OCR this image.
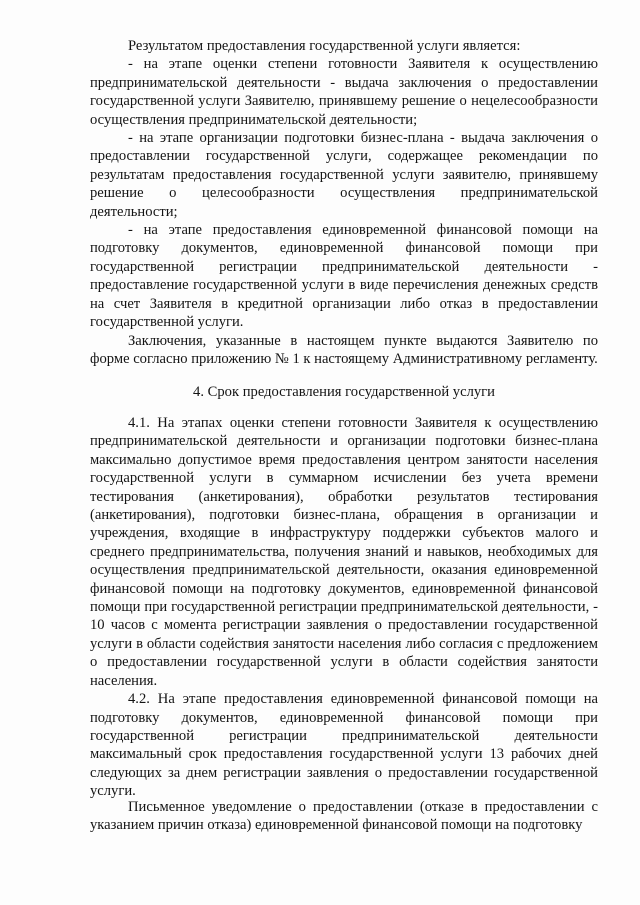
Результатом предоставления государственной услуги является:

- на этапе оценки степени готовности Заявителя к осуществлению предпринимательской деятельности - выдача заключения о предоставлении государственной услуги Заявителю, принявшему решение о нецелесообразности осуществления предпринимательской деятельности;

- на этапе организации подготовки бизнес-плана - выдача заключения о предоставлении государственной услуги, содержащее рекомендации по результатам предоставления государственной услуги заявителю, принявшему решение о целесообразности осуществления предпринимательской деятельности;

- на этапе предоставления единовременной финансовой помощи на подготовку документов, единовременной финансовой помощи при государственной регистрации предпринимательской деятельности - предоставление государственной услуги в виде перечисления денежных средств на счет Заявителя в кредитной организации либо отказ в предоставлении государственной услуги.

Заключения, указанные в настоящем пункте выдаются Заявителю по форме согласно приложению № 1 к настоящему Административному регламенту.

4. Срок предоставления государственной услуги

4.1. На этапах оценки степени готовности Заявителя к осуществлению предпринимательской деятельности и организации подготовки бизнес-плана максимально допустимое время предоставления центром занятости населения государственной услуги в суммарном исчислении без учета времени тестирования (анкетирования), обработки результатов тестирования (анкетирования), подготовки бизнес-плана, обращения в организации и учреждения, входящие в инфраструктуру поддержки субъектов малого и среднего предпринимательства, получения знаний и навыков, необходимых для осуществления предпринимательской деятельности, оказания единовременной финансовой помощи на подготовку документов, единовременной финансовой помощи при государственной регистрации предпринимательской деятельности, - 10 часов с момента регистрации заявления о предоставлении государственной услуги в области содействия занятости населения либо согласия с предложением о предоставлении государственной услуги в области содействия занятости населения.

4.2. На этапе предоставления единовременной финансовой помощи на подготовку документов, единовременной финансовой помощи при государственной регистрации предпринимательской деятельности максимальный срок предоставления государственной услуги 13 рабочих дней следующих за днем регистрации заявления о предоставлении государственной услуги.

Письменное уведомление о предоставлении (отказе в предоставлении с указанием причин отказа) единовременной финансовой помощи на подготовку
